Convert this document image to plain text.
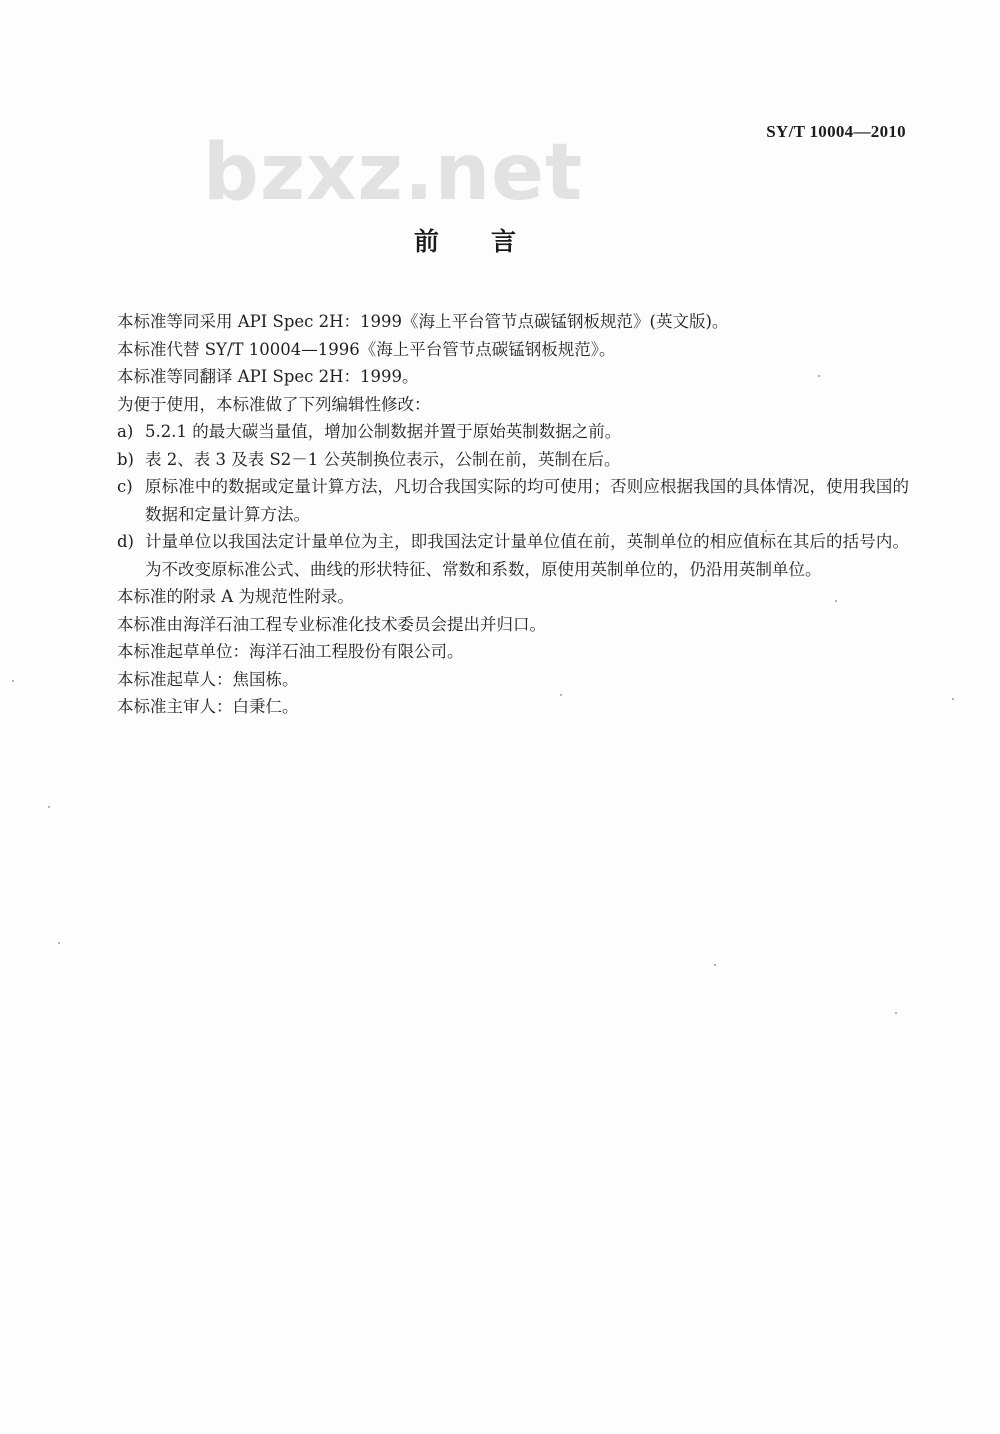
bzxz.net	SY/T 10004—2010
前言

本标准等同采用 API Spec 2H：1999《海上平台管节点碳锰钢板规范》(英文版)。

本标准代替 SY/T 10004—1996《海上平台管节点碳锰钢板规范》。

本标准等同翻译 API Spec 2H：1999。

为便于使用，本标准做了下列编辑性修改：

a) 5.2.1 的最大碳当量值，增加公制数据并置于原始英制数据之前。
b) 表 2、表 3 及表 S2－1 公英制换位表示，公制在前，英制在后。
c) 原标准中的数据或定量计算方法，凡切合我国实际的均可使用；否则应根据我国的具体情况，使用我国的数据和定量计算方法。
d) 计量单位以我国法定计量单位为主，即我国法定计量单位值在前，英制单位的相应值标在其后的括号内。为不改变原标准公式、曲线的形状特征、常数和系数，原使用英制单位的，仍沿用英制单位。

本标准的附录 A 为规范性附录。

本标准由海洋石油工程专业标准化技术委员会提出并归口。

本标准起草单位：海洋石油工程股份有限公司。

本标准起草人：焦国栋。

本标准主审人：白秉仁。
